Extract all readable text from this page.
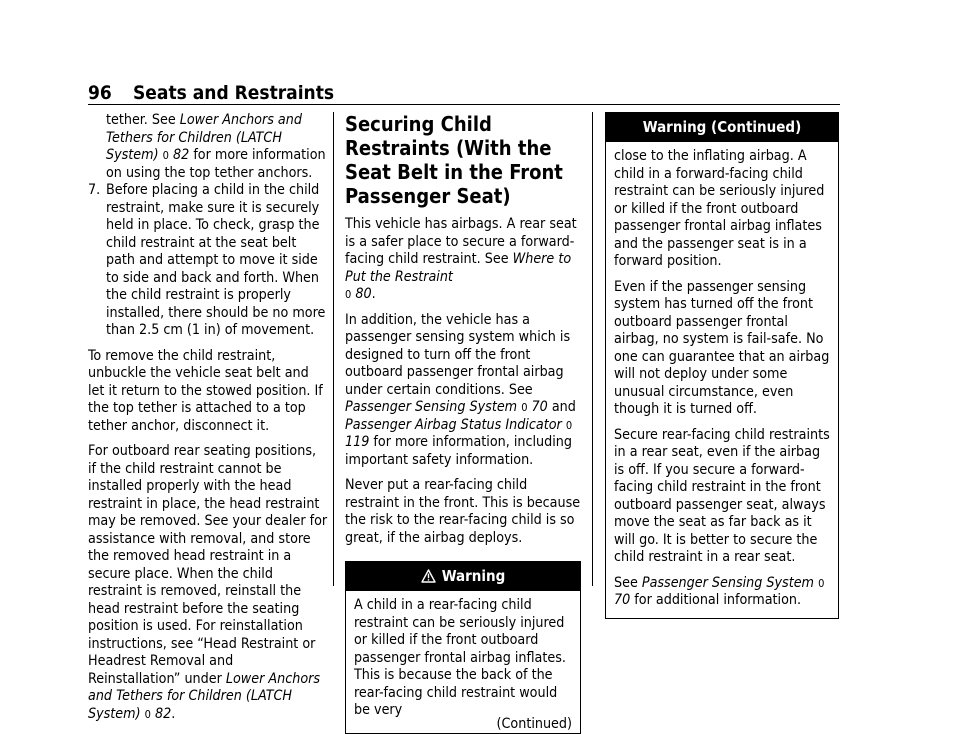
96 Seats and Restraints

tether. See Lower Anchors and Tethers for Children (LATCH System) 0 82 for more information on using the top tether anchors.

7. Before placing a child in the child restraint, make sure it is securely held in place. To check, grasp the child restraint at the seat belt path and attempt to move it side to side and back and forth. When the child restraint is properly installed, there should be no more than 2.5 cm (1 in) of movement.

To remove the child restraint, unbuckle the vehicle seat belt and let it return to the stowed position. If the top tether is attached to a top tether anchor, disconnect it.

For outboard rear seating positions, if the child restraint cannot be installed properly with the head restraint in place, the head restraint may be removed. See your dealer for assistance with removal, and store the removed head restraint in a secure place. When the child restraint is removed, reinstall the head restraint before the seating position is used. For reinstallation instructions, see “Head Restraint or Headrest Removal and Reinstallation” under Lower Anchors and Tethers for Children (LATCH System) 0 82.

Securing Child Restraints (With the Seat Belt in the Front Passenger Seat)

This vehicle has airbags. A rear seat is a safer place to secure a forward-facing child restraint. See Where to Put the Restraint
0 80.

In addition, the vehicle has a passenger sensing system which is designed to turn off the front outboard passenger frontal airbag under certain conditions. See Passenger Sensing System 0 70 and Passenger Airbag Status Indicator 0 119 for more information, including important safety information.

Never put a rear-facing child restraint in the front. This is because the risk to the rear-facing child is so great, if the airbag deploys.

Warning

A child in a rear-facing child restraint can be seriously injured or killed if the front outboard passenger frontal airbag inflates. This is because the back of the rear-facing child restraint would be very

(Continued)
Warning (Continued)

close to the inflating airbag. A child in a forward-facing child restraint can be seriously injured or killed if the front outboard passenger frontal airbag inflates and the passenger seat is in a forward position.

Even if the passenger sensing system has turned off the front outboard passenger frontal airbag, no system is fail-safe. No one can guarantee that an airbag will not deploy under some unusual circumstance, even though it is turned off.

Secure rear-facing child restraints in a rear seat, even if the airbag is off. If you secure a forward-facing child restraint in the front outboard passenger seat, always move the seat as far back as it will go. It is better to secure the child restraint in a rear seat.

See Passenger Sensing System 0 70 for additional information.
